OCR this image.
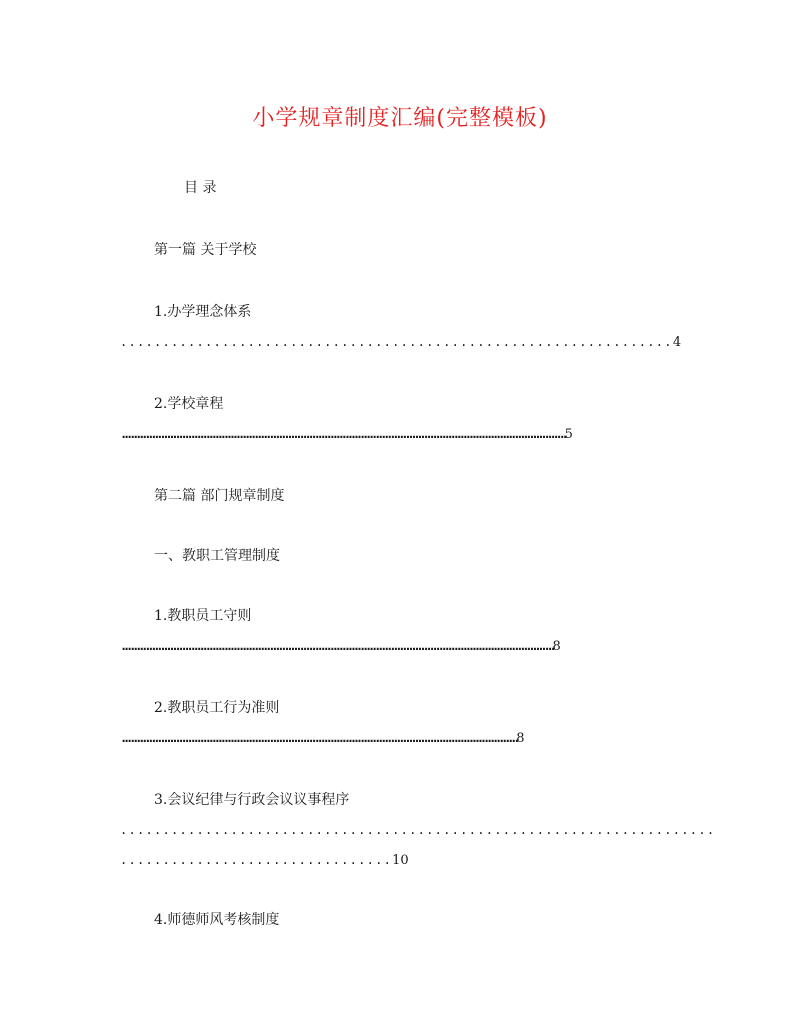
小学规章制度汇编(完整模板)
目 录
第一篇 关于学校
1.办学理念体系
.................................................................4
2.学校章程
...................................................................................................................................................5
第二篇 部门规章制度
一、教职工管理制度
1.教职员工守则
...............................................................................................................................................8
2.教职员工行为准则
...................................................................................................................................8
3.会议纪律与行政会议议事程序
......................................................................
................................10
4.师德师风考核制度
